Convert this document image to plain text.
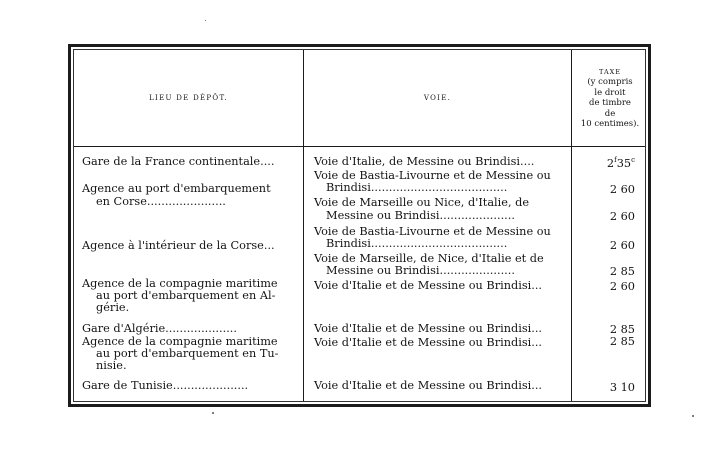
LIEU DE DÉPÔT.	VOIE.
TAXE
(y compris
le droit
de timbre
de
10 centimes).
Gare de la France continentale....
Agence au port d'embarquement
en Corse......................
Agence à l'intérieur de la Corse...
Agence de la compagnie maritime
au port d'embarquement en Al-
gérie.
Gare d'Algérie....................
Agence de la compagnie maritime
au port d'embarquement en Tu-
nisie.
Gare de Tunisie.....................
Voie d'Italie, de Messine ou Brindisi....
Voie de Bastia-Livourne et de Messine ou
Brindisi......................................
Voie de Marseille ou Nice, d'Italie, de
Messine ou Brindisi.....................
Voie de Bastia-Livourne et de Messine ou
Brindisi......................................
Voie de Marseille, de Nice, d'Italie et de
Messine ou Brindisi.....................
Voie d'Italie et de Messine ou Brindisi...
Voie d'Italie et de Messine ou Brindisi...
Voie d'Italie et de Messine ou Brindisi...
Voie d'Italie et de Messine ou Brindisi...
2$^f$35$^c$
2 60
2 60
2 60
2 85
2 60
2 85
2 85
3 10
